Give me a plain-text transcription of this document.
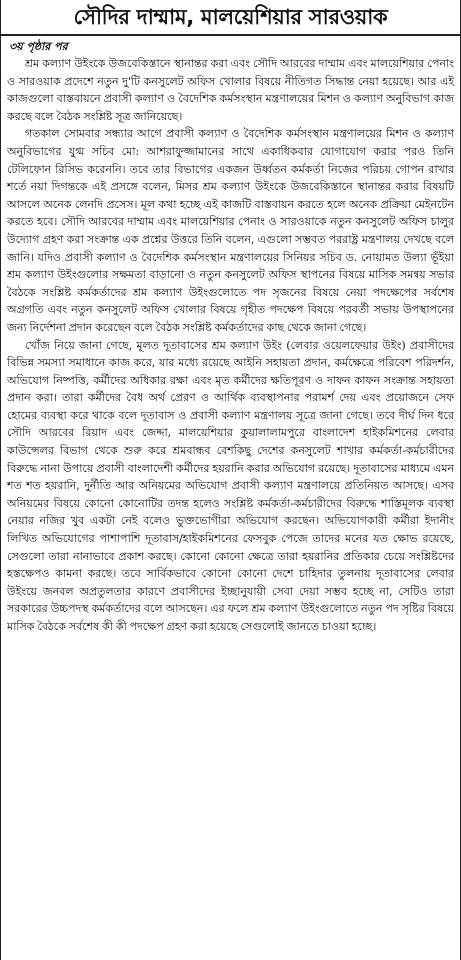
সৌদির দাম্মাম, মালয়েশিয়ার সারওয়াক
৩য় পৃষ্ঠার পর

শ্রম কল্যাণ উইংকে উজবেকিস্তানে স্থানান্তর করা এবং সৌদি আরবের দাম্মাম এবং মালয়েশিয়ার পেনাং ও সারওয়াক প্রদেশে নতুন দু'টি কনসুলেট অফিস খোলার বিষয়ে নীতিগত সিদ্ধান্ত নেয়া হয়েছে। আর এই কাজগুলো বাস্তবায়নে প্রবাসী কল্যাণ ও বৈদেশিক কর্মসংস্থান মন্ত্রণালয়ের মিশন ও কল্যাণ অনুবিভাগ কাজ করছে বলে বৈঠক সংশ্লিষ্ট সূত্র জানিয়েছে।

গতকাল সোমবার সন্ধ্যার আগে প্রবাসী কল্যাণ ও বৈদেশিক কর্মসংস্থান মন্ত্রণালয়ের মিশন ও কল্যাণ অনুবিভাগের যুগ্ম সচিব মো: আশরাফুজ্জামানের সাথে একাধিকবার যোগাযোগ করার পরও তিনি টেলিফোন রিসিভ করেননি। তবে তার বিভাগের একজন উর্ধ্বতন কর্মকর্তা নিজের পরিচয় গোপন রাখার শর্তে নয়া দিগন্তকে এই প্রসঙ্গে বলেন, মিসর শ্রম কল্যাণ উইংকে উজবেকিস্তানে স্থানান্তর করার বিষয়টি আসলে অনেক লেনদি প্রসেস। মূল কথা হচ্ছে এই কাজটি বাস্তবায়ন করতে হলে অনেক প্রক্রিয়া মেইনটেন করতে হবে। সৌদি আরবের দাম্মাম এবং মালয়েশিয়ার পেনাং ও সারওয়াকে নতুন কনসুলেট অফিস চালুর উদ্যোগ গ্রহণ করা সংক্রান্ত এক প্রশ্নের উত্তরে তিনি বলেন, এগুলো সম্ভবত পররাষ্ট্র মন্ত্রণালয় দেখছে বলে জানি। যদিও প্রবাসী কল্যাণ ও বৈদেশিক কর্মসংস্থান মন্ত্রণালয়ের সিনিয়র সচিব ড. নোয়ামত উল্যা ভূঁইয়া শ্রম কল্যাণ উইংগুলোর সক্ষমতা বাড়ানো ও নতুন কনসুলেট অফিস স্থাপনের বিষয়ে মাসিক সমন্বয় সভার বৈঠকে সংশ্লিষ্ট কর্মকর্তাদের শ্রম কল্যাণ উইংগুলোতে পদ সৃজনের বিষয়ে নেয়া পদক্ষেপের সর্বশেষ অগ্রগতি এবং নতুন কনসুলেট অফিস খোলার বিষয়ে গৃহীত পদক্ষেপ বিষয়ে পরবর্তী সভায় উপস্থাপনের জন্য নির্দেশনা প্রদান করেছেন বলে বৈঠক সংশ্লিষ্ট কর্মকর্তাদের কাছ থেকে জানা গেছে।

খোঁজ নিয়ে জানা গেছে, মূলত দূতাবাসের শ্রম কল্যাণ উইং (লেবার ওয়েলফেয়ার উইং) প্রবাসীদের বিভিন্ন সমস্যা সমাধানে কাজ করে, যার মধ্যে রয়েছে আইনি সহায়তা প্রদান, কর্মক্ষেত্রে পরিবেশ পরিদর্শন, অভিযোগ নিষ্পত্তি, কর্মীদের অধিকার রক্ষা এবং মৃত কর্মীদের ক্ষতিপূরণ ও দাফন কাফন সংক্রান্ত সহায়তা প্রদান করা। তারা কর্মীদের বৈধ অর্থ প্রেরণ ও আর্থিক ব্যবস্থাপনার পরামর্শ দেয় এবং প্রয়োজনে সেফ হোমের ব্যবস্থা করে থাকে বলে দূতাবাস ও প্রবাসী কল্যাণ মন্ত্রণালয় সূত্রে জানা গেছে। তবে দীর্ঘ দিন ধরে সৌদি আরবের রিয়াদ এবং জেদ্দা, মালয়েশিয়ার কুয়ালালামপুরে বাংলাদেশ হাইকমিশনের লেবার কাউন্সেলর বিভাগ থেকে শুরু করে শ্রমবান্ধব বেশকিছু দেশের কনসুলেট শাখার কর্মকর্তা-কর্মচারীদের বিরুদ্ধে নানা উপায়ে প্রবাসী বাংলাদেশী কর্মীদের হয়রানি করার অভিযোগ রয়েছে। দূতাবাসের মাধ্যমে এমন শত শত হয়রানি, দুর্নীতি আর অনিয়মের অভিযোগ প্রবাসী কল্যাণ মন্ত্রণালয়ে প্রতিনিয়ত আসছে। এসব অনিয়মের বিষয়ে কোনো কোনোটির তদন্ত হলেও সংশ্লিষ্ট কর্মকর্তা-কর্মচারীদের বিরুদ্ধে শাস্তিমূলক ব্যবস্থা নেয়ার নজির খুব একটা নেই বলেও ভুক্তভোগীরা অভিযোগ করছেন। অভিযোগকারী কর্মীরা ইদানীং লিখিত অভিযোগের পাশাপাশি দূতাবাস/হাইকমিশনের ফেসবুক পেজে তাদের মনের যত ক্ষোভ রয়েছে, সেগুলো তারা নানাভাবে প্রকাশ করছে। কোনো কোনো ক্ষেত্রে তারা হয়রানির প্রতিকার চেয়ে সংশ্লিষ্টদের হস্তক্ষেপও কামনা করছে। তবে সার্বিকভাবে কোনো কোনো দেশে চাহিদার তুলনায় দূতাবাসের লেবার উইংয়ে জনবল অপ্রতুলতার কারণে প্রবাসীদের ইচ্ছানুযায়ী সেবা দেয়া সম্ভব হচ্ছে না, সেটিও তারা সরকারের উচ্চপদস্থ কর্মকর্তাদের বলে আসছেন। এর ফলে শ্রম কল্যাণ উইংগুলোতে নতুন পদ সৃষ্টির বিষয়ে মাসিক বৈঠকে সর্বশেষ কী কী পদক্ষেপ গ্রহণ করা হয়েছে সেগুলোই জানতে চাওয়া হচ্ছে।
